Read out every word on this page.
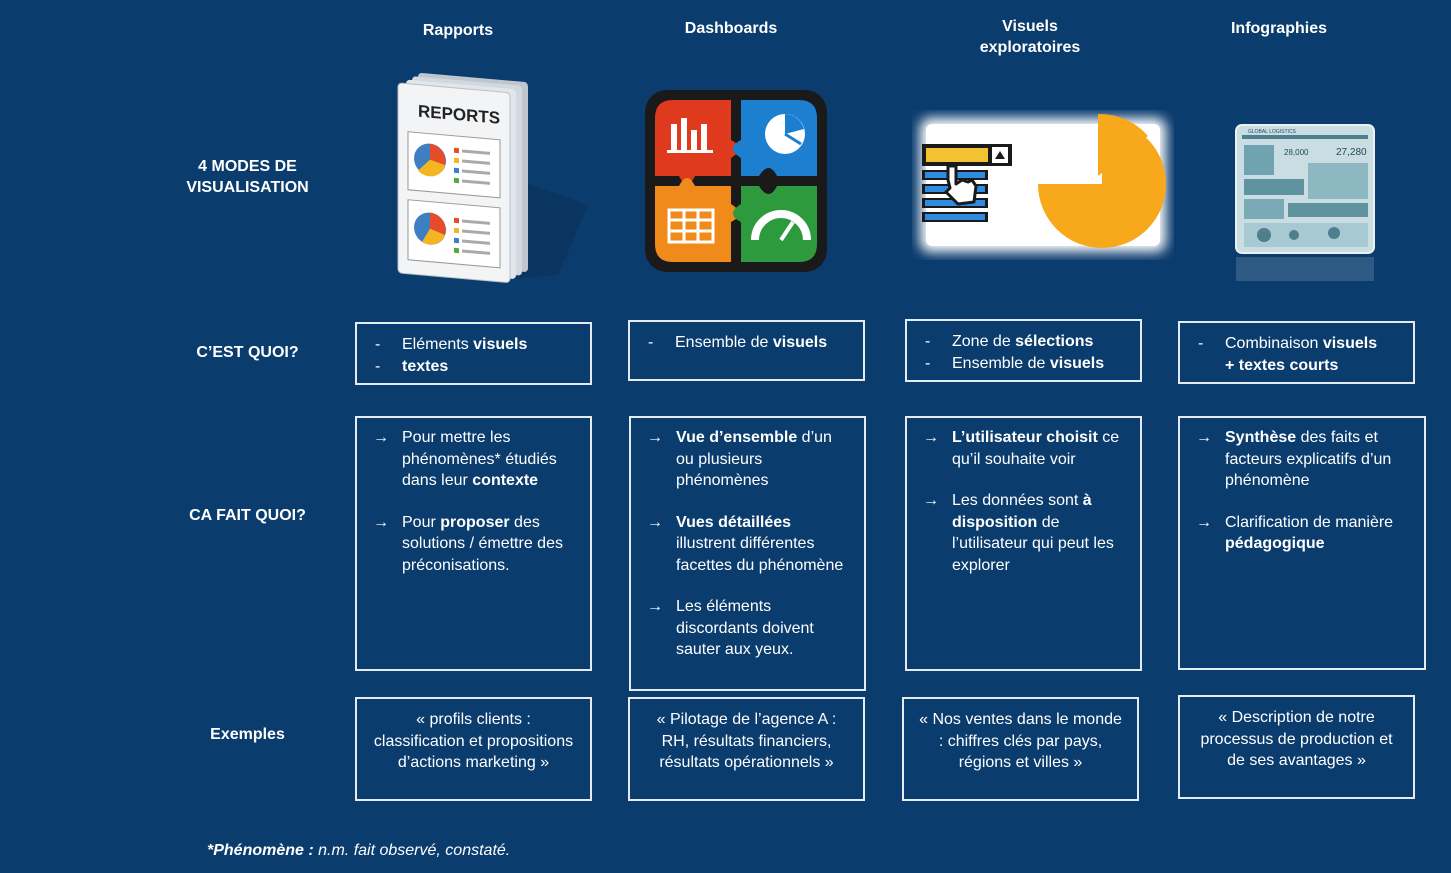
Rapports	Dashboards	Visuels
exploratoires
Infographies
4 MODES DE
VISUALISATION
C’EST QUOI?
CA FAIT QUOI?
Exemples
REPORTS
GLOBAL LOGISTICS
27,280
28,000
- Eléments visuels
- textes
- Ensemble de visuels
-	Zone de sélections
- Ensemble de visuels
- Combinaison visuels
+ textes courts
→ Pour mettre les phénomènes* étudiés dans leur contexte
→ Pour proposer des solutions / émettre des préconisations.
→ Vue d’ensemble d’un ou plusieurs phénomènes
→ Vues détaillées illustrent différentes facettes du phénomène
→ Les éléments discordants doivent sauter aux yeux.
→ L’utilisateur choisit ce qu’il souhaite voir
→ Les données sont à disposition de l’utilisateur qui peut les explorer
→ Synthèse des faits et facteurs explicatifs d’un phénomène
→ Clarification de manière pédagogique
« profils clients : classification et propositions d’actions marketing »
« Pilotage de l’agence A : RH, résultats financiers, résultats opérationnels »
« Nos ventes dans le monde : chiffres clés par pays, régions et villes »
« Description de notre processus de production et de ses avantages »
*Phénomène : n.m. fait observé, constaté.
